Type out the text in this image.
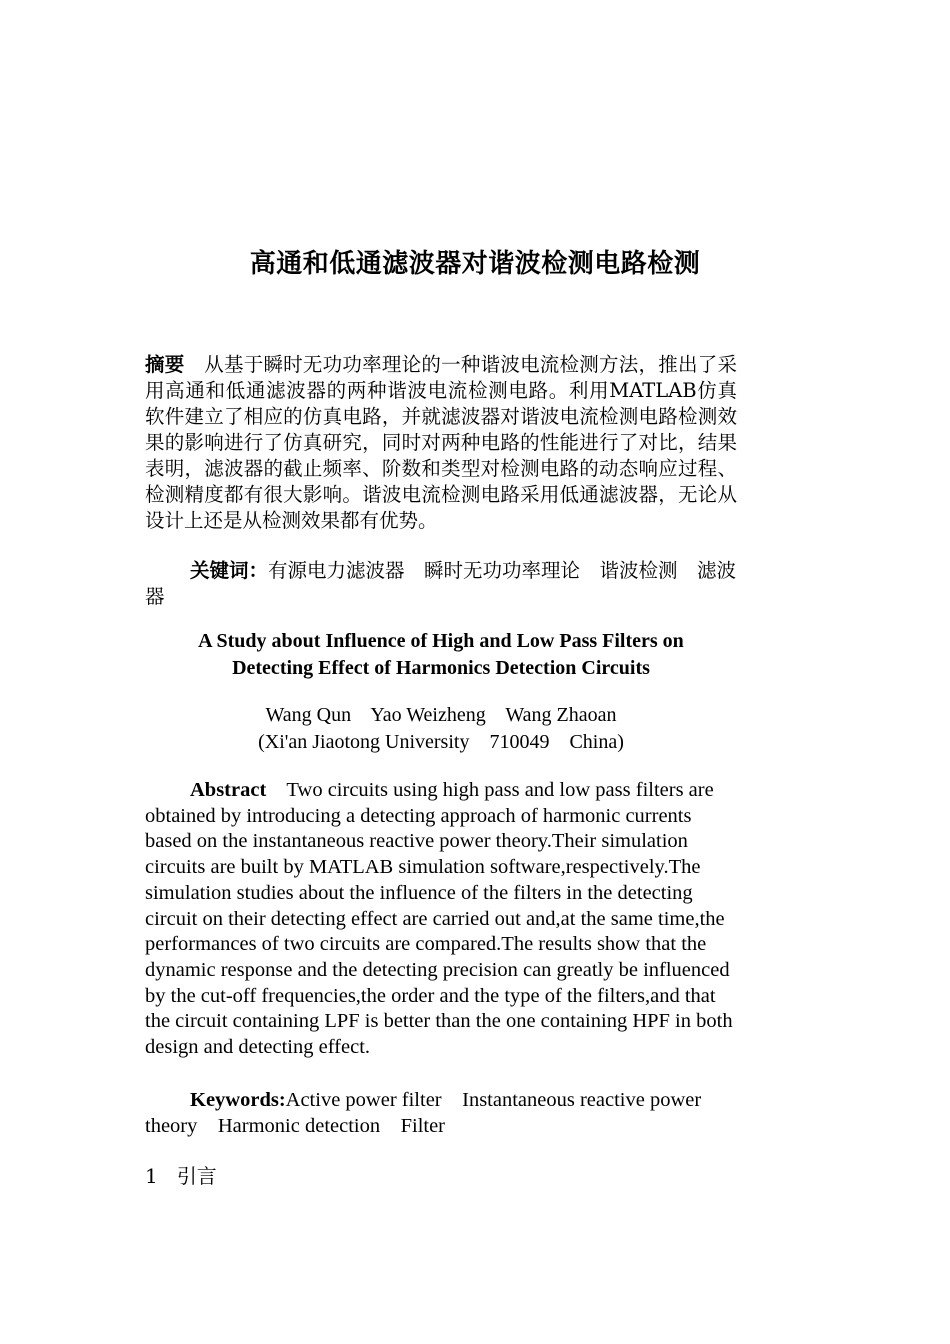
高通和低通滤波器对谐波检测电路检测
摘要　从基于瞬时无功功率理论的一种谐波电流检测方法，推出了采用高通和低通滤波器的两种谐波电流检测电路。利用MATLAB仿真软件建立了相应的仿真电路，并就滤波器对谐波电流检测电路检测效果的影响进行了仿真研究，同时对两种电路的性能进行了对比，结果表明，滤波器的截止频率、阶数和类型对检测电路的动态响应过程、检测精度都有很大影响。谐波电流检测电路采用低通滤波器，无论从设计上还是从检测效果都有优势。
关键词：有源电力滤波器　瞬时无功功率理论　谐波检测　滤波器
A Study about Influence of High and Low Pass Filters on
Detecting Effect of Harmonics Detection Circuits
Wang Qun    Yao Weizheng    Wang Zhaoan
(Xi'an Jiaotong University    710049    China)
Abstract    Two circuits using high pass and low pass filters are obtained by introducing a detecting approach of harmonic currents based on the instantaneous reactive power theory.Their simulation circuits are built by MATLAB simulation software,respectively.The simulation studies about the influence of the filters in the detecting circuit on their detecting effect are carried out and,at the same time,the performances of two circuits are compared.The results show that the dynamic response and the detecting precision can greatly be influenced by the cut-off frequencies,the order and the type of the filters,and that the circuit containing LPF is better than the one containing HPF in both design and detecting effect.
Keywords:Active power filter    Instantaneous reactive power theory    Harmonic detection    Filter
1 引言
